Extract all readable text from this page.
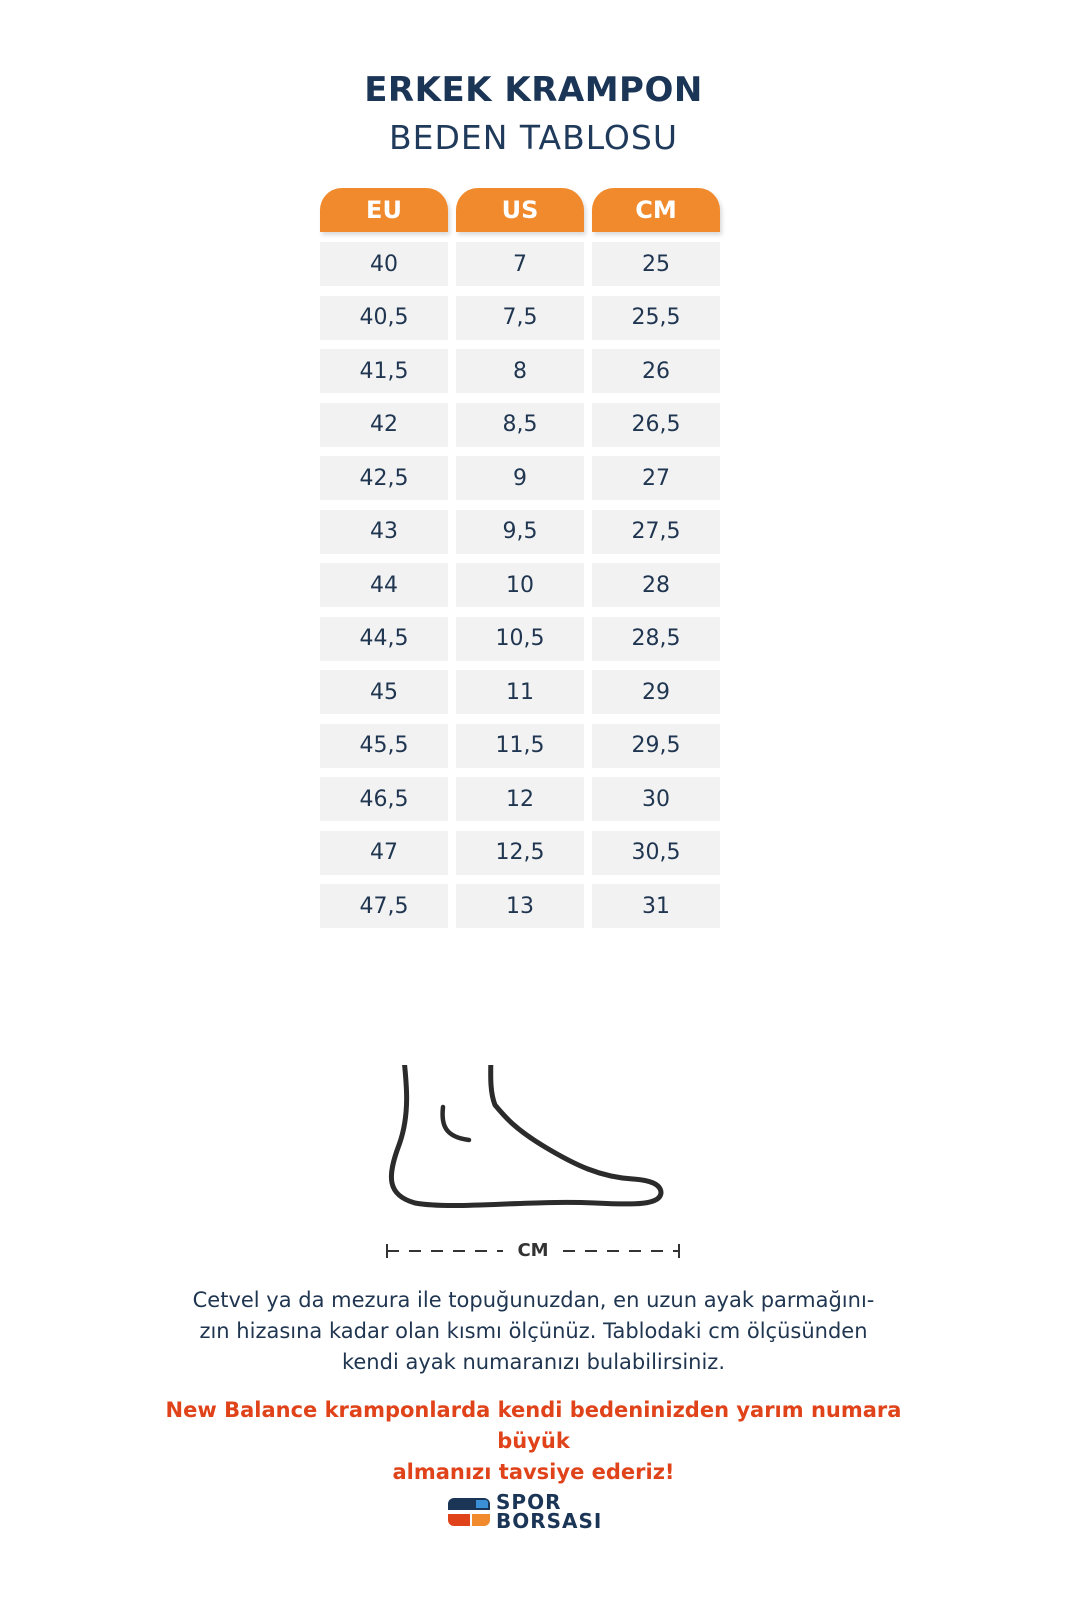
ERKEK KRAMPON
BEDEN TABLOSU
EU	US	CM
40	7	25
40,5	7,5	25,5
41,5	8	26
42	8,5	26,5
42,5	9	27
43	9,5	27,5
44	10	28
44,5	10,5	28,5
45	11	29
45,5	11,5	29,5
46,5	12	30
47	12,5	30,5
47,5	13	31
CM
Cetvel ya da mezura ile topuğunuzdan, en uzun ayak parmağını-
zın hizasına kadar olan kısmı ölçünüz. Tablodaki cm ölçüsünden
kendi ayak numaranızı bulabilirsiniz.
New Balance kramponlarda kendi bedeninizden yarım numara büyük
almanızı tavsiye ederiz!
SPOR
BORSASI
